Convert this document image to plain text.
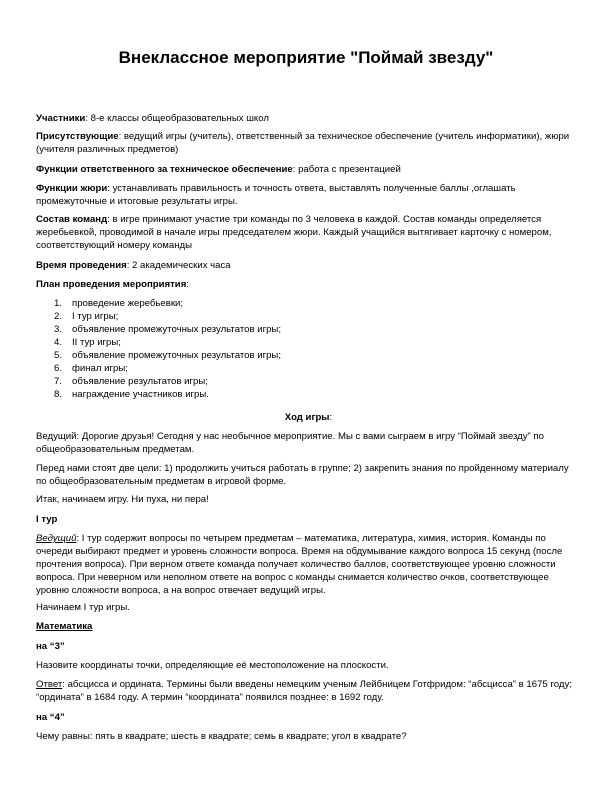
Внеклассное мероприятие "Поймай звезду"
Участники: 8-е классы общеобразовательных школ
Присутствующие: ведущий игры (учитель), ответственный за техническое обеспечение (учитель информатики), жюри (учителя различных предметов)
Функции ответственного за техническое обеспечение: работа с презентацией
Функции жюри: устанавливать правильность и точность ответа, выставлять полученные баллы ,оглашать промежуточные и итоговые результаты игры.
Состав команд: в игре принимают участие три команды по 3 человека в каждой. Состав команды определяется жеребьевкой, проводимой в начале игры председателем жюри. Каждый учащийся вытягивает карточку с номером, соответствующий номеру команды
Время проведения: 2 академических часа
План проведения мероприятия:
1. проведение жеребьевки;
2. I тур игры;
3. объявление промежуточных результатов игры;
4. II тур игры;
5. объявление промежуточных результатов игры;
6. финал игры;
7. объявление результатов игры;
8. награждение участников игры.
Ход игры:
Ведущий: Дорогие друзья! Сегодня у нас необычное мероприятие. Мы с вами сыграем в игру “Поймай звезду” по общеобразовательным предметам.
Перед нами стоят две цели: 1) продолжить учиться работать в группе; 2) закрепить знания по пройденному материалу по общеобразовательным предметам в игровой форме.
Итак, начинаем игру. Ни пуха, ни пера!
I тур
Ведущий: I тур содержит вопросы по четырем предметам – математика, литература, химия, история. Команды по очереди выбирают предмет и уровень сложности вопроса. Время на обдумывание каждого вопроса 15 секунд (после прочтения вопроса). При верном ответе команда получает количество баллов, соответствующее уровню сложности вопроса. При неверном или неполном ответе на вопрос с команды снимается количество очков, соответствующее уровню сложности вопроса, а на вопрос отвечает ведущий игры.
Начинаем I тур игры.
Математика
на “3”
Назовите координаты точки, определяющие её местоположение на плоскости.
Ответ: абсцисса и ордината. Термины были введены немецким ученым Лейбницем Готфридом: “абсцисса” в 1675 году; “ордината” в 1684 году. А термин “координата” появился позднее: в 1692 году.
на “4”
Чему равны: пять в квадрате; шесть в квадрате; семь в квадрате; угол в квадрате?
